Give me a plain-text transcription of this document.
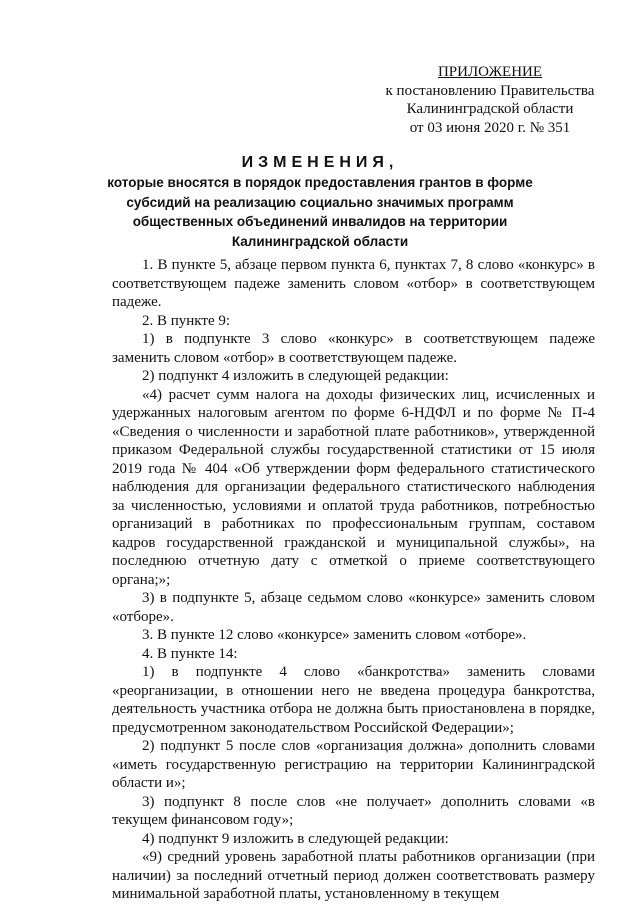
ПРИЛОЖЕНИЕ
к постановлению Правительства
Калининградской области
от 03 июня 2020 г. № 351
ИЗМЕНЕНИЯ,
которые вносятся в порядок предоставления грантов в форме субсидий на реализацию социально значимых программ общественных объединений инвалидов на территории Калининградской области

1. В пункте 5, абзаце первом пункта 6, пунктах 7, 8 слово «конкурс» в соответствующем падеже заменить словом «отбор» в соответствующем падеже.

2. В пункте 9:

1) в подпункте 3 слово «конкурс» в соответствующем падеже заменить словом «отбор» в соответствующем падеже.

2) подпункт 4 изложить в следующей редакции:

«4) расчет сумм налога на доходы физических лиц, исчисленных и удержанных налоговым агентом по форме 6-НДФЛ и по форме № П-4 «Сведения о численности и заработной плате работников», утвержденной приказом Федеральной службы государственной статистики от 15 июля 2019 года № 404 «Об утверждении форм федерального статистического наблюдения для организации федерального статистического наблюдения за численностью, условиями и оплатой труда работников, потребностью организаций в работниках по профессиональным группам, составом кадров государственной гражданской и муниципальной службы», на последнюю отчетную дату с отметкой о приеме соответствующего органа;»;

3) в подпункте 5, абзаце седьмом слово «конкурсе» заменить словом «отборе».

3. В пункте 12 слово «конкурсе» заменить словом «отборе».

4. В пункте 14:

1) в подпункте 4 слово «банкротства» заменить словами «реорганизации, в отношении него не введена процедура банкротства, деятельность участника отбора не должна быть приостановлена в порядке, предусмотренном законодательством Российской Федерации»;

2) подпункт 5 после слов «организация должна» дополнить словами «иметь государственную регистрацию на территории Калининградской области и»;

3) подпункт 8 после слов «не получает» дополнить словами «в текущем финансовом году»;

4) подпункт 9 изложить в следующей редакции:

«9) средний уровень заработной платы работников организации (при наличии) за последний отчетный период должен соответствовать размеру минимальной заработной платы, установленному в текущем
